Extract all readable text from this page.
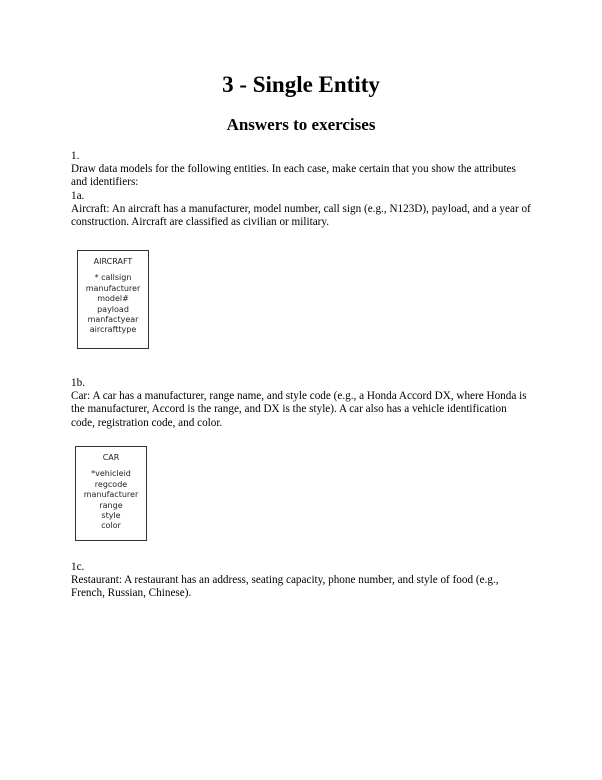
3 - Single Entity
Answers to exercises

1.

Draw data models for the following entities. In each case, make certain that you show the attributes and identifiers:

1a.

Aircraft: An aircraft has a manufacturer, model number, call sign (e.g., N123D), payload, and a year of construction. Aircraft are classified as civilian or military.

AIRCRAFT
* callsign
manufacturer
model#
payload
manfactyear
aircrafttype

1b.

Car: A car has a manufacturer, range name, and style code (e.g., a Honda Accord DX, where Honda is the manufacturer, Accord is the range, and DX is the style). A car also has a vehicle identification code, registration code, and color.

CAR
*vehicleid
regcode
manufacturer
range
style
color

1c.

Restaurant: A restaurant has an address, seating capacity, phone number, and style of food (e.g., French, Russian, Chinese).
